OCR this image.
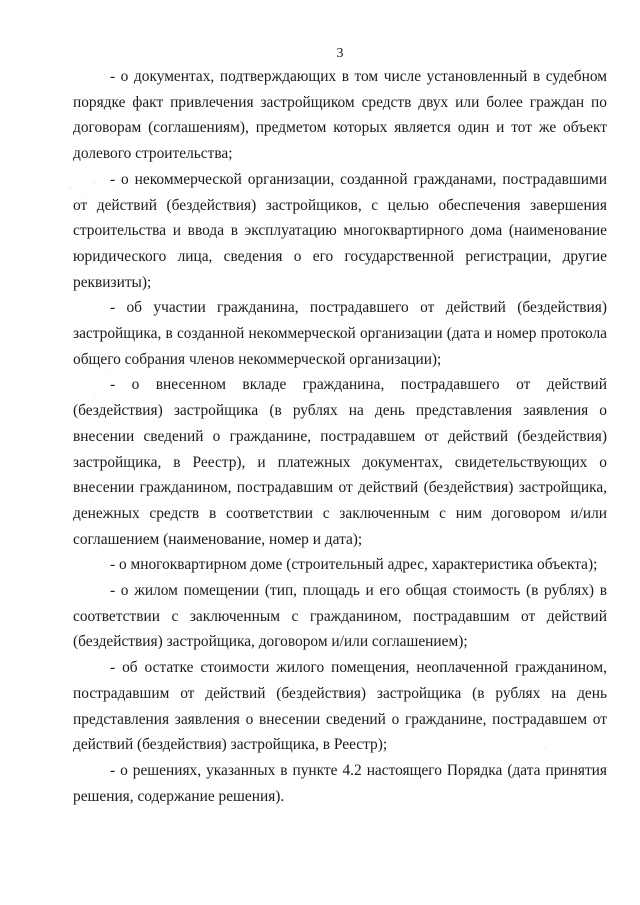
3

- о документах, подтверждающих в том числе установленный в судебном порядке факт привлечения застройщиком средств двух или более граждан по договорам (соглашениям), предметом которых является один и тот же объект долевого строительства;

- о некоммерческой организации, созданной гражданами, пострадавшими от действий (бездействия) застройщиков, с целью обеспечения завершения строительства и ввода в эксплуатацию многоквартирного дома (наименование юридического лица, сведения о его государственной регистрации, другие реквизиты);

- об участии гражданина, пострадавшего от действий (бездействия) застройщика, в созданной некоммерческой организации (дата и номер протокола общего собрания членов некоммерческой организации);

- о внесенном вкладе гражданина, пострадавшего от действий (бездействия) застройщика (в рублях на день представления заявления о внесении сведений о гражданине, пострадавшем от действий (бездействия) застройщика, в Реестр), и платежных документах, свидетельствующих о внесении гражданином, пострадавшим от действий (бездействия) застройщика, денежных средств в соответствии с заключенным с ним договором и/или соглашением (наименование, номер и дата);

- о многоквартирном доме (строительный адрес, характеристика объекта);

- о жилом помещении (тип, площадь и его общая стоимость (в рублях) в соответствии с заключенным с гражданином, пострадавшим от действий (бездействия) застройщика, договором и/или соглашением);

- об остатке стоимости жилого помещения, неоплаченной гражданином, пострадавшим от действий (бездействия) застройщика (в рублях на день представления заявления о внесении сведений о гражданине, пострадавшем от действий (бездействия) застройщика, в Реестр);

- о решениях, указанных в пункте 4.2 настоящего Порядка (дата принятия решения, содержание решения).
